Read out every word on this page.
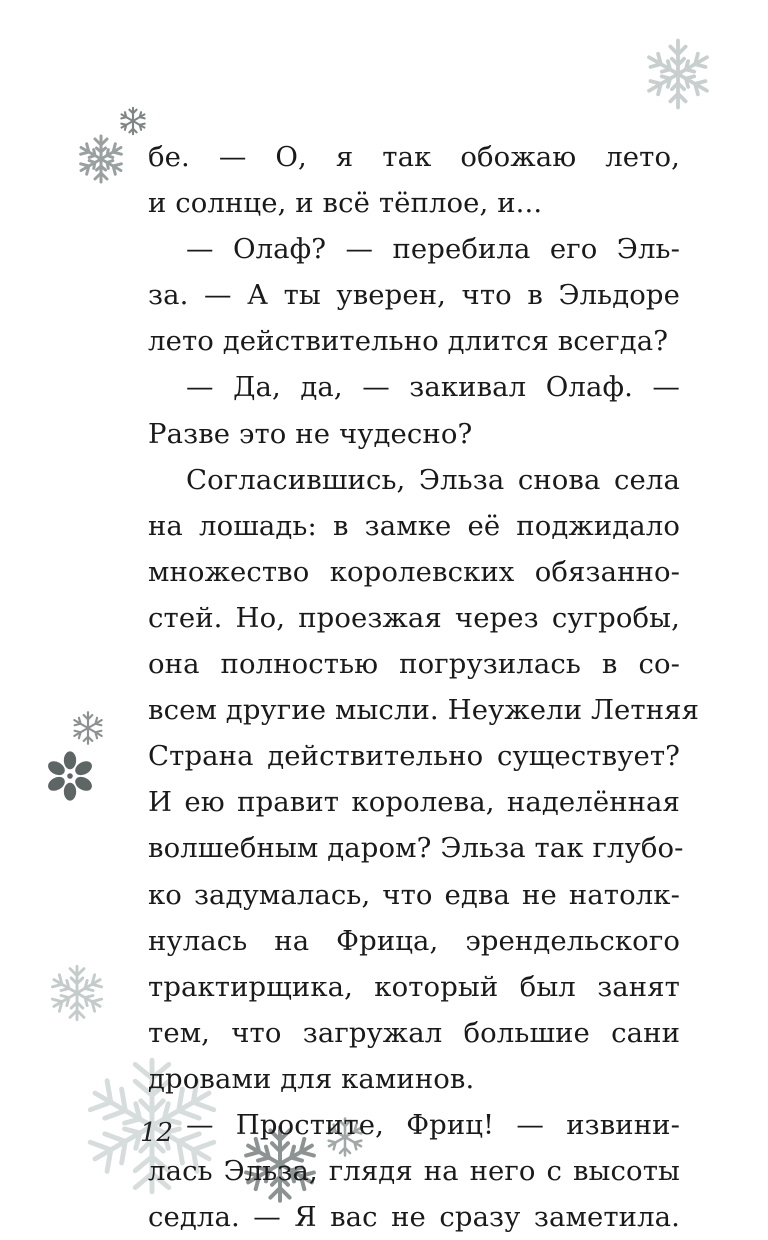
бе. — О, я так обожаю лето,
и солнце, и всё тёплое, и...
— Олаф? — перебила его Эль-
за. — А ты уверен, что в Эльдоре
лето действительно длится всегда?
— Да, да, — закивал Олаф. —
Разве это не чудесно?
Согласившись, Эльза снова села
на лошадь: в замке её поджидало
множество королевских обязанно-
стей. Но, проезжая через сугробы,
она полностью погрузилась в со-
всем другие мысли. Неужели Летняя
Страна действительно существует?
И ею правит королева, наделённая
волшебным даром? Эльза так глубо-
ко задумалась, что едва не натолк-
нулась на Фрица, эрендельского
трактирщика, который был занят
тем, что загружал большие сани
дровами для каминов.
— Простите, Фриц! — извини-
лась Эльза, глядя на него с высоты
седла. — Я вас не сразу заметила.
12
